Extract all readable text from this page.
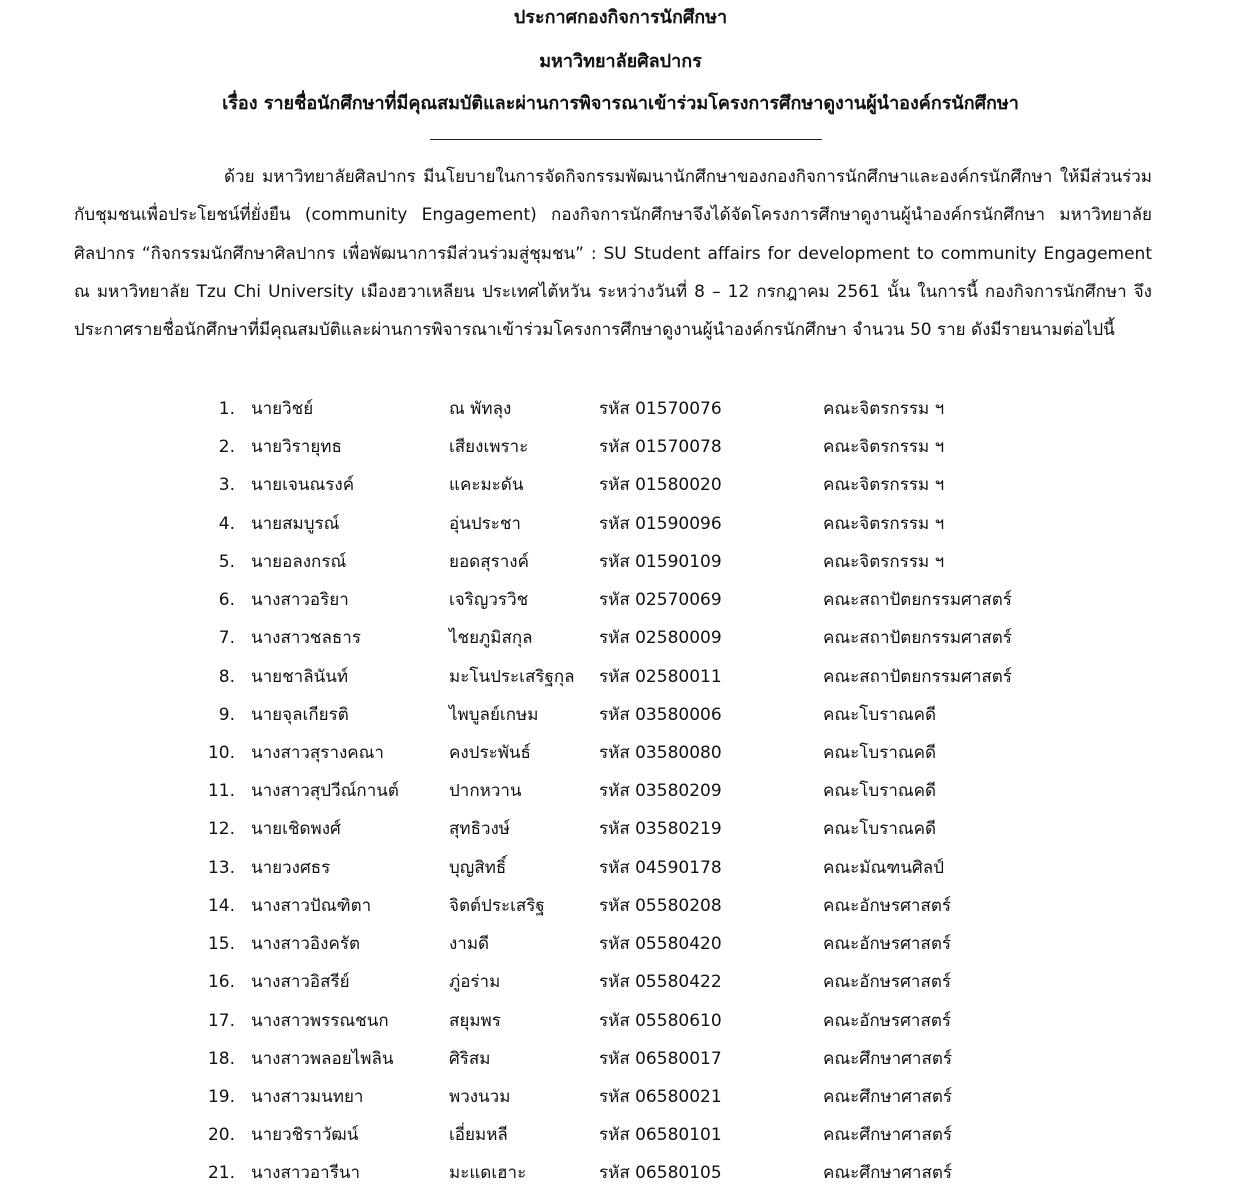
ประกาศกองกิจการนักศึกษา
มหาวิทยาลัยศิลปากร
เรื่อง รายชื่อนักศึกษาที่มีคุณสมบัติและผ่านการพิจารณาเข้าร่วมโครงการศึกษาดูงานผู้นำองค์กรนักศึกษา
ด้วย มหาวิทยาลัยศิลปากร มีนโยบายในการจัดกิจกรรมพัฒนานักศึกษาของกองกิจการนักศึกษาและองค์กรนักศึกษา ให้มีส่วนร่วมกับชุมชนเพื่อประโยชน์ที่ยั่งยืน (community Engagement) กองกิจการนักศึกษาจึงได้จัดโครงการศึกษาดูงานผู้นำองค์กรนักศึกษา มหาวิทยาลัยศิลปากร “กิจกรรมนักศึกษาศิลปากร เพื่อพัฒนาการมีส่วนร่วมสู่ชุมชน” : SU Student affairs for development to community Engagement ณ มหาวิทยาลัย Tzu Chi University เมืองฮวาเหลียน ประเทศไต้หวัน ระหว่างวันที่ 8 – 12 กรกฎาคม 2561 นั้น ในการนี้ กองกิจการนักศึกษา จึงประกาศรายชื่อนักศึกษาที่มีคุณสมบัติและผ่านการพิจารณาเข้าร่วมโครงการศึกษาดูงานผู้นำองค์กรนักศึกษา จำนวน 50 ราย ดังมีรายนามต่อไปนี้
1. นายวิชย์	ณ พัทลุง	รหัส 01570076	คณะจิตรกรรม ฯ
2. นายวิรายุทธ	เสียงเพราะ	รหัส 01570078	คณะจิตรกรรม ฯ
3. นายเจนณรงค์	แคะมะดัน	รหัส 01580020	คณะจิตรกรรม ฯ
4. นายสมบูรณ์	อุ่นประชา	รหัส 01590096	คณะจิตรกรรม ฯ
5. นายอลงกรณ์	ยอดสุรางค์	รหัส 01590109	คณะจิตรกรรม ฯ
6. นางสาวอริยา	เจริญวรวิช	รหัส 02570069	คณะสถาปัตยกรรมศาสตร์
7. นางสาวชลธาร	ไชยภูมิสกุล	รหัส 02580009	คณะสถาปัตยกรรมศาสตร์
8. นายชาลินันท์	มะโนประเสริฐกุล รหัส 02580011	คณะสถาปัตยกรรมศาสตร์
9. นายจุลเกียรติ	ไพบูลย์เกษม	รหัส 03580006	คณะโบราณคดี
10. นางสาวสุรางคณา	คงประพันธ์	รหัส 03580080	คณะโบราณคดี
11. นางสาวสุปวีณ์กานต์	ปากหวาน	รหัส 03580209	คณะโบราณคดี
12. นายเชิดพงศ์	สุทธิวงษ์	รหัส 03580219	คณะโบราณคดี
13. นายวงศธร	บุญสิทธิ์	รหัส 04590178	คณะมัณฑนศิลป์
14. นางสาวปัณฑิตา	จิตต์ประเสริฐ	รหัส 05580208	คณะอักษรศาสตร์
15. นางสาวอิงครัต	งามดี	รหัส 05580420	คณะอักษรศาสตร์
16. นางสาวอิสรีย์	ภู่อร่าม	รหัส 05580422	คณะอักษรศาสตร์
17. นางสาวพรรณชนก	สยุมพร	รหัส 05580610	คณะอักษรศาสตร์
18. นางสาวพลอยไพลิน	ศิริสม	รหัส 06580017	คณะศึกษาศาสตร์
19. นางสาวมนทยา	พวงนวม	รหัส 06580021	คณะศึกษาศาสตร์
20. นายวชิราวัฒน์	เอี่ยมหลี	รหัส 06580101	คณะศึกษาศาสตร์
21. นางสาวอารีนา	มะแดเฮาะ	รหัส 06580105	คณะศึกษาศาสตร์
